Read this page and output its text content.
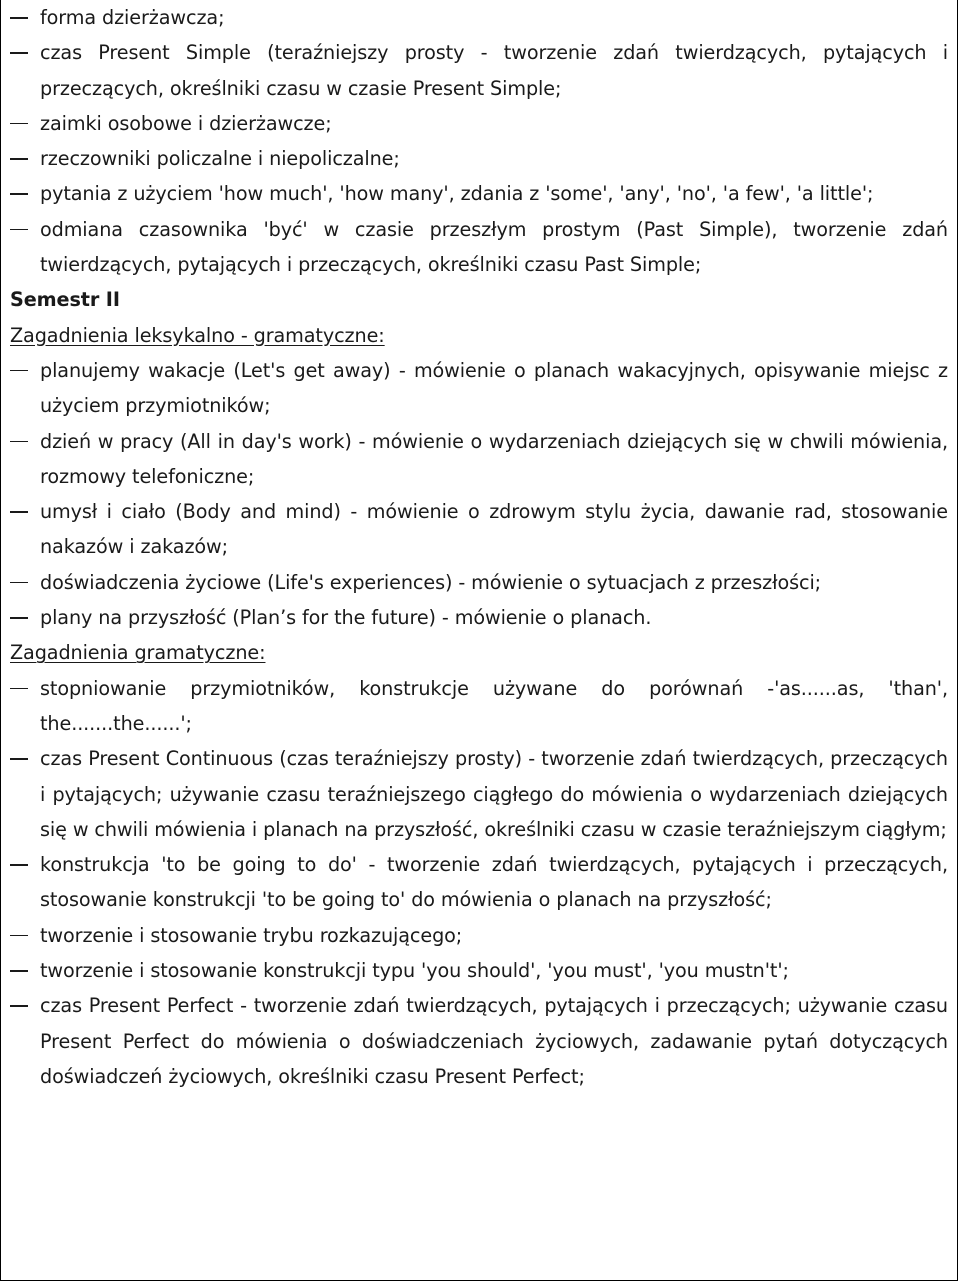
forma dzierżawcza;
czas Present Simple (teraźniejszy prosty - tworzenie zdań twierdzących, pytających i przeczących, określniki czasu w czasie Present Simple;
zaimki osobowe i dzierżawcze;
rzeczowniki policzalne i niepoliczalne;
pytania z użyciem 'how much', 'how many', zdania z 'some', 'any', 'no', 'a few', 'a little';
odmiana czasownika 'być' w czasie przeszłym prostym (Past Simple), tworzenie zdań twierdzących, pytających i przeczących, określniki czasu Past Simple;
Semestr II
Zagadnienia leksykalno - gramatyczne:
planujemy wakacje (Let's get away) - mówienie o planach wakacyjnych, opisywanie miejsc z użyciem przymiotników;
dzień w pracy (All in day's work) - mówienie o wydarzeniach dziejących się w chwili mówienia, rozmowy telefoniczne;
umysł i ciało (Body and mind) - mówienie o zdrowym stylu życia, dawanie rad, stosowanie nakazów i zakazów;
doświadczenia życiowe (Life's experiences) - mówienie o sytuacjach z przeszłości;
plany na przyszłość (Plan’s for the future) - mówienie o planach.
Zagadnienia gramatyczne:
stopniowanie przymiotników, konstrukcje używane do porównań -'as......as, 'than', the.......the......';
czas Present Continuous (czas teraźniejszy prosty) - tworzenie zdań twierdzących, przeczących i pytających; używanie czasu teraźniejszego ciągłego do mówienia o wydarzeniach dziejących się w chwili mówienia i planach na przyszłość, określniki czasu w czasie teraźniejszym ciągłym;
konstrukcja 'to be going to do' - tworzenie zdań twierdzących, pytających i przeczących, stosowanie konstrukcji 'to be going to' do mówienia o planach na przyszłość;
tworzenie i stosowanie trybu rozkazującego;
tworzenie i stosowanie konstrukcji typu 'you should', 'you must', 'you mustn't';
czas Present Perfect - tworzenie zdań twierdzących, pytających i przeczących; używanie czasu Present Perfect do mówienia o doświadczeniach życiowych, zadawanie pytań dotyczących doświadczeń życiowych, określniki czasu Present Perfect;
